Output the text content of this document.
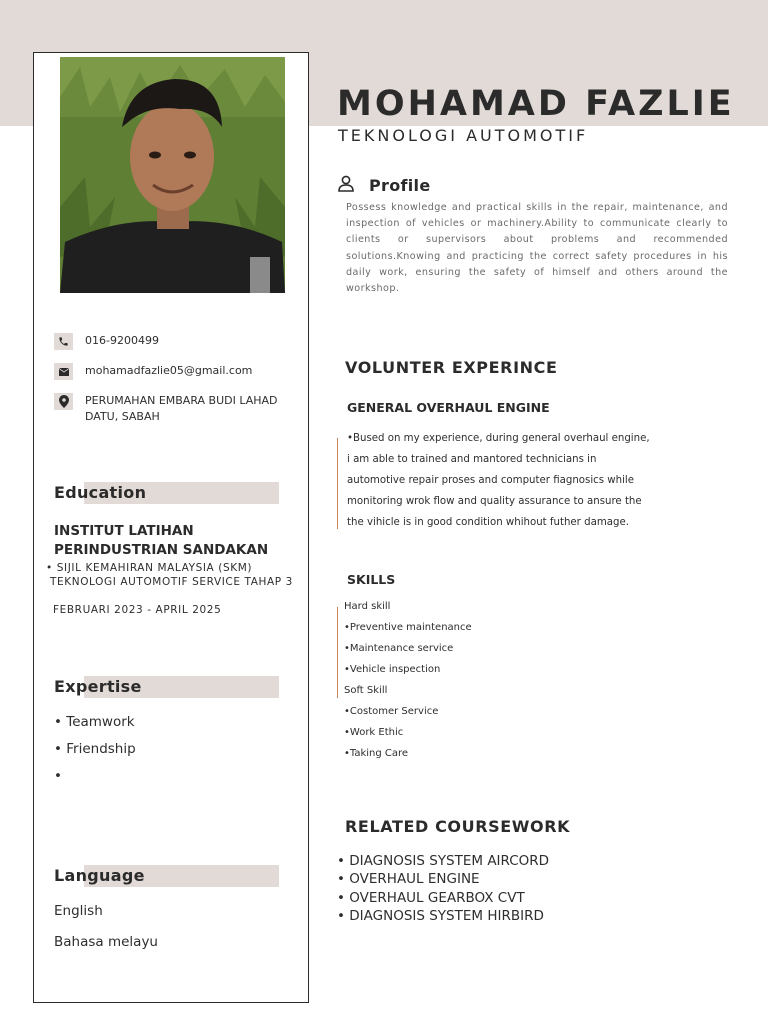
016-9200499
mohamadfazlie05@gmail.com
PERUMAHAN EMBARA BUDI LAHAD
DATU, SABAH
Education
INSTITUT LATIHAN
PERINDUSTRIAN SANDAKAN
• SIJIL KEMAHIRAN MALAYSIA (SKM)
TEKNOLOGI AUTOMOTIF SERVICE TAHAP 3
FEBRUARI 2023 - APRIL 2025
Expertise
• Teamwork
• Friendship
•
Language
English
Bahasa melayu
MOHAMAD FAZLIE
TEKNOLOGI AUTOMOTIF
Profile
Possess knowledge and practical skills in the repair, maintenance, and inspection of vehicles or machinery.Ability to communicate clearly to clients or supervisors about problems and recommended solutions.Knowing and practicing the correct safety procedures in his daily work, ensuring the safety of himself and others around the workshop.
VOLUNTER EXPERINCE
GENERAL OVERHAUL ENGINE
•Bused on my experience, during general overhaul engine,
i am able to trained and mantored technicians in
automotive repair proses and computer fiagnosics while
monitoring wrok flow and quality assurance to ansure the
the vihicle is in good condition whihout futher damage.
SKILLS
Hard skill
•Preventive maintenance
•Maintenance service
•Vehicle inspection
Soft Skill
•Costomer Service
•Work Ethic
•Taking Care
RELATED COURSEWORK
• DIAGNOSIS SYSTEM AIRCORD
• OVERHAUL ENGINE
• OVERHAUL GEARBOX CVT
• DIAGNOSIS SYSTEM HIRBIRD
